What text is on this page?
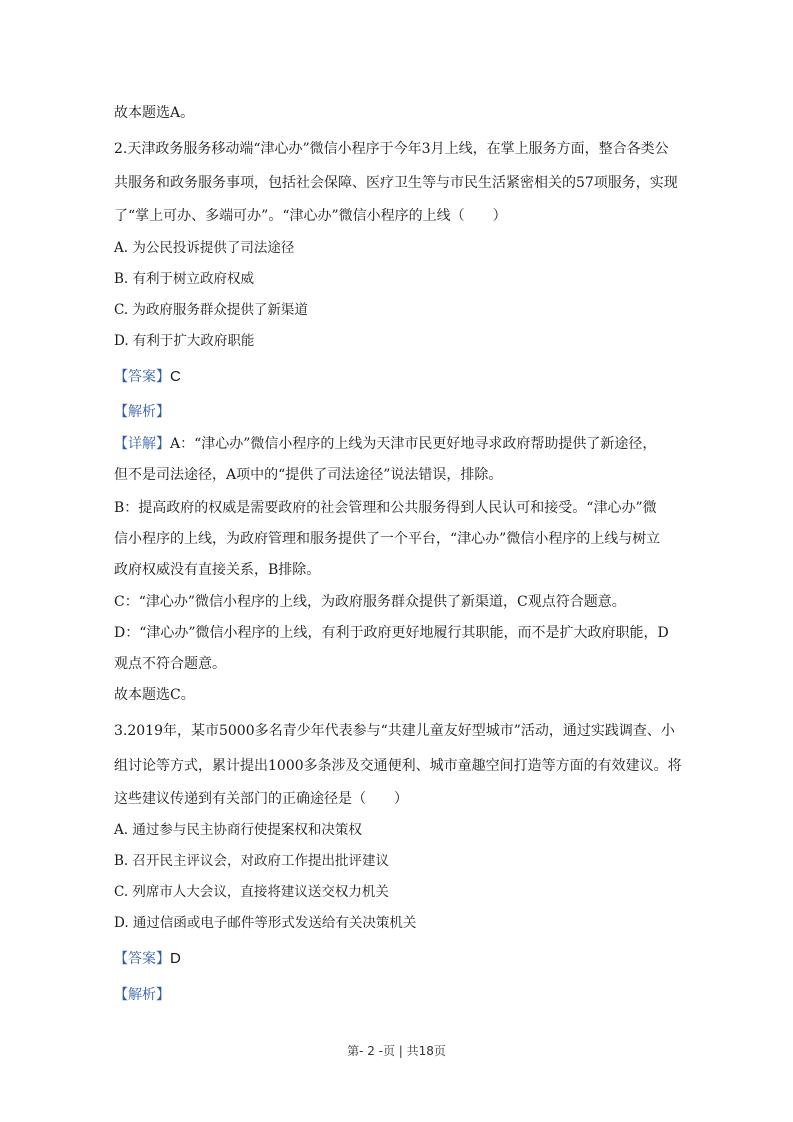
故本题选A。
2.天津政务服务移动端“津心办”微信小程序于今年3月上线，在掌上服务方面，整合各类公
共服务和政务服务事项，包括社会保障、医疗卫生等与市民生活紧密相关的57项服务，实现
了“掌上可办、多端可办”。“津心办”微信小程序的上线（　　）
A. 为公民投诉提供了司法途径
B. 有利于树立政府权威
C. 为政府服务群众提供了新渠道
D. 有利于扩大政府职能
【答案】C
【解析】
【详解】A：“津心办”微信小程序的上线为天津市民更好地寻求政府帮助提供了新途径，
但不是司法途径，A项中的“提供了司法途径”说法错误，排除。
B：提高政府的权威是需要政府的社会管理和公共服务得到人民认可和接受。“津心办”微
信小程序的上线，为政府管理和服务提供了一个平台，“津心办”微信小程序的上线与树立
政府权威没有直接关系，B排除。
C：“津心办”微信小程序的上线，为政府服务群众提供了新渠道，C观点符合题意。
D：“津心办”微信小程序的上线，有利于政府更好地履行其职能，而不是扩大政府职能，D
观点不符合题意。
故本题选C。
3.2019年，某市5000多名青少年代表参与“共建儿童友好型城市”活动，通过实践调查、小
组讨论等方式，累计提出1000多条涉及交通便利、城市童趣空间打造等方面的有效建议。将
这些建议传递到有关部门的正确途径是（　　）
A. 通过参与民主协商行使提案权和决策权
B. 召开民主评议会，对政府工作提出批评建议
C. 列席市人大会议，直接将建议送交权力机关
D. 通过信函或电子邮件等形式发送给有关决策机关
【答案】D
【解析】
第- 2 -页 | 共18页
